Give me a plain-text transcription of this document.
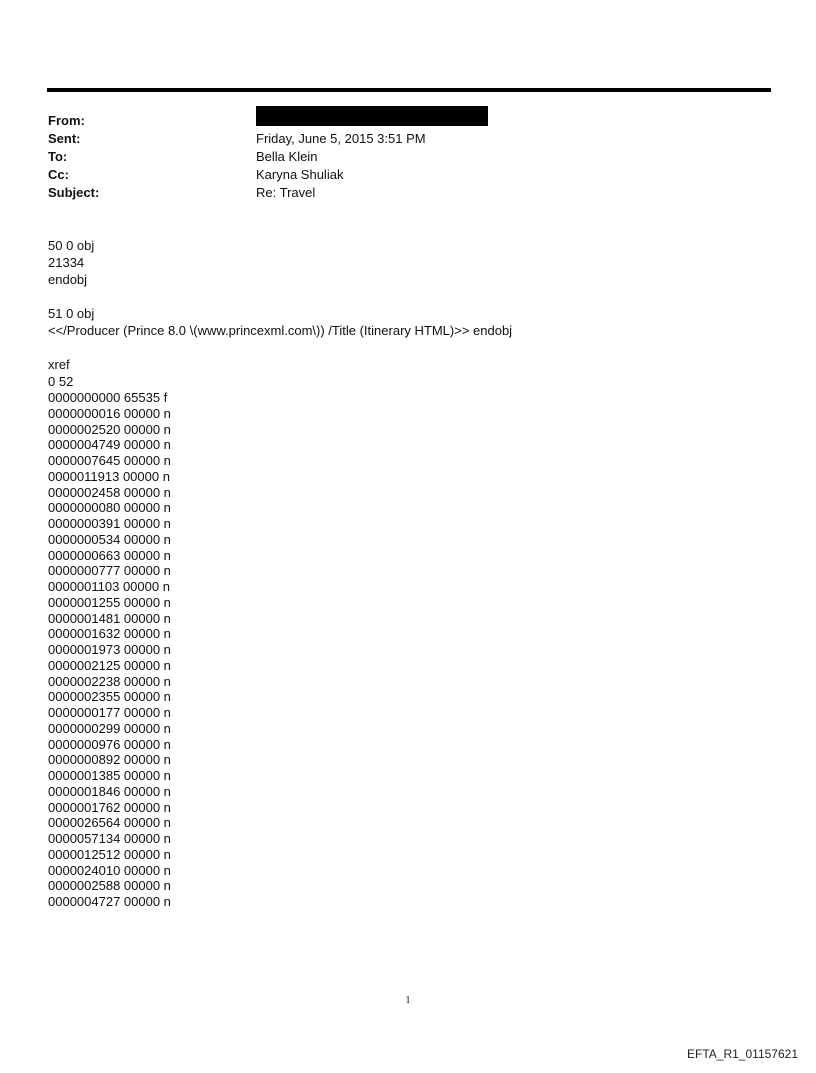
From:
Sent:	Friday, June 5, 2015 3:51 PM
To:	Bella Klein
Cc:	Karyna Shuliak
Subject:	Re: Travel
50 0 obj
21334
endobj
51 0 obj
<</Producer (Prince 8.0 \(www.princexml.com\)) /Title (Itinerary HTML)>> endobj
xref
0 52
0000000000 65535 f
0000000016 00000 n
0000002520 00000 n
0000004749 00000 n
0000007645 00000 n
0000011913 00000 n
0000002458 00000 n
0000000080 00000 n
0000000391 00000 n
0000000534 00000 n
0000000663 00000 n
0000000777 00000 n
0000001103 00000 n
0000001255 00000 n
0000001481 00000 n
0000001632 00000 n
0000001973 00000 n
0000002125 00000 n
0000002238 00000 n
0000002355 00000 n
0000000177 00000 n
0000000299 00000 n
0000000976 00000 n
0000000892 00000 n
0000001385 00000 n
0000001846 00000 n
0000001762 00000 n
0000026564 00000 n
0000057134 00000 n
0000012512 00000 n
0000024010 00000 n
0000002588 00000 n
0000004727 00000 n
1
EFTA_R1_01157621
